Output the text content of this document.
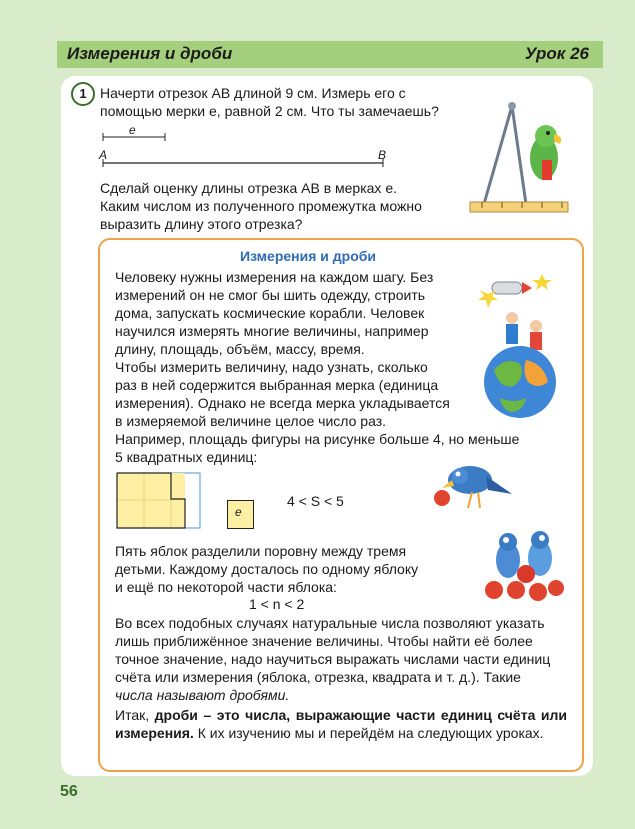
Измерения и дроби	Урок 26
1 Начерти отрезок AB длиной 9 см. Измерь его с
помощью мерки e, равной 2 см. Что ты замечаешь?
e
A	B
Сделай оценку длины отрезка AB в мерках e.
Каким числом из полученного промежутка можно
выразить длину этого отрезка?
Измерения и дроби
Человеку нужны измерения на каждом шагу. Без
измерений он не смог бы шить одежду, строить
дома, запускать космические корабли. Человек
научился измерять многие величины, например
длину, площадь, объём, массу, время.
Чтобы измерить величину, надо узнать, сколько
раз в ней содержится выбранная мерка (единица
измерения). Однако не всегда мерка укладывается
в измеряемой величине целое число раз.
Например, площадь фигуры на рисунке больше 4, но меньше
5 квадратных единиц:
e
4 < S < 5
Пять яблок разделили поровну между тремя
детьми. Каждому досталось по одному яблоку
и ещё по некоторой части яблока:
1 < n < 2
Во всех подобных случаях натуральные числа позволяют указать
лишь приближённое значение величины. Чтобы найти её более
точное значение, надо научиться выражать числами части единиц
счёта или измерения (яблока, отрезка, квадрата и т. д.). Такие
числа называют дробями.
Итак, дроби – это числа, выражающие части единиц счёта или измерения. К их изучению мы и перейдём на следующих уроках.
56
